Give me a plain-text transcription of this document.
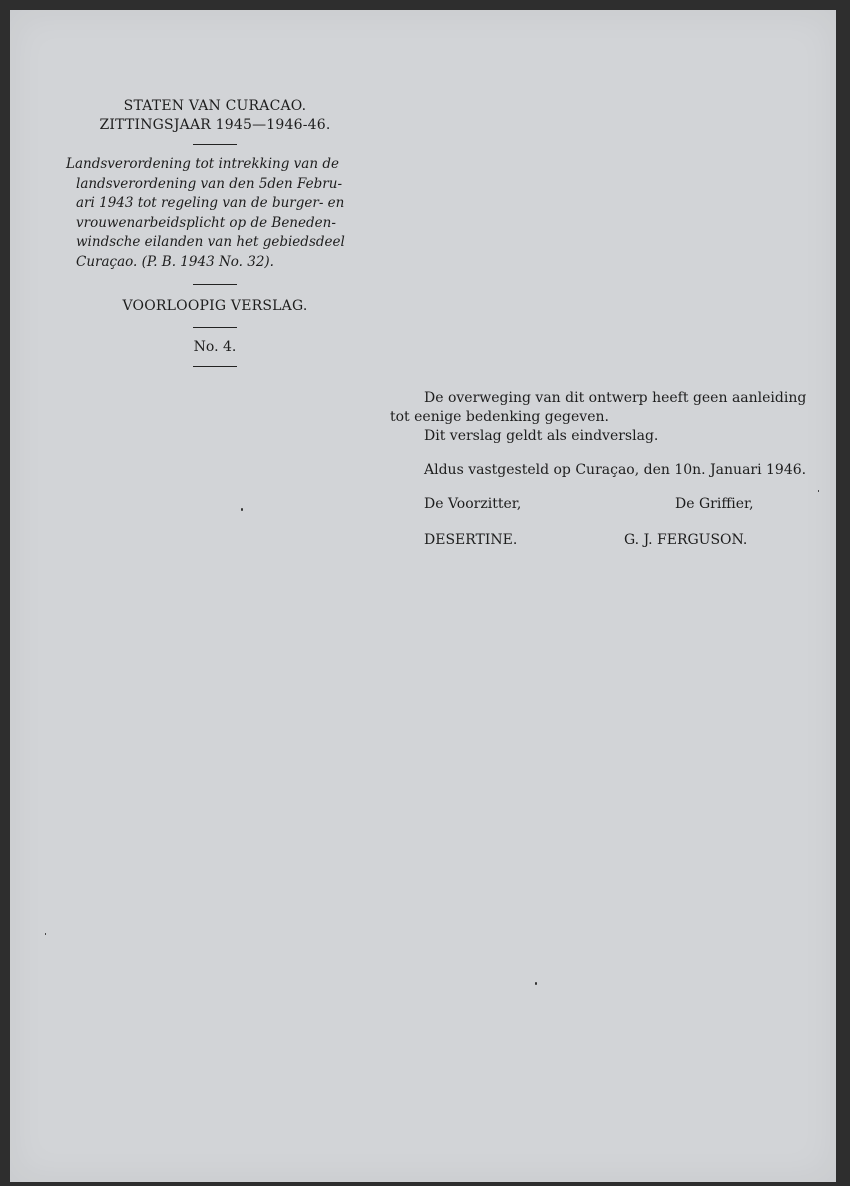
STATEN VAN CURACAO.
ZITTINGSJAAR 1945—1946-46.
Landsverordening tot intrekking van de
landsverordening van den 5den Febru-
ari 1943 tot regeling van de burger- en
vrouwenarbeidsplicht op de Beneden-
windsche eilanden van het gebiedsdeel
Curaçao. (P. B. 1943 No. 32).
VOORLOOPIG VERSLAG.
No. 4.

De overweging van dit ontwerp heeft geen aanleiding

tot eenige bedenking gegeven.

Dit verslag geldt als eindverslag.

Aldus vastgesteld op Curaçao, den 10n. Januari 1946.

De Voorzitter,	De Griffier,
DESERTINE.	G. J. FERGUSON.
